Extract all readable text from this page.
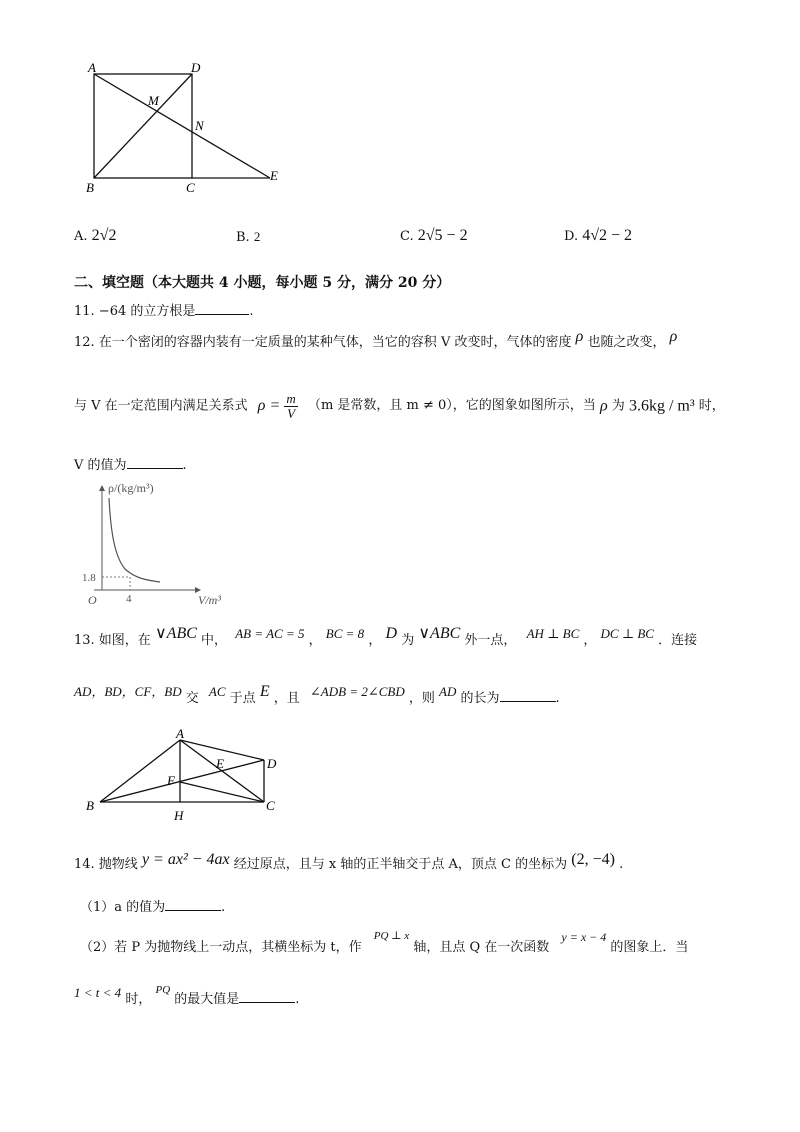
A	D
M
N
B	C
E
A. 2√2	B. 2	C. 2√5 − 2	D. 4√2 − 2
二、填空题（本大题共 4 小题，每小题 5 分，满分 20 分）
11. −64 的立方根是	.
12. 在一个密闭的容器内装有一定质量的某种气体，当它的容积 V 改变时，气体的密度 ρ 也随之改变， ρ
与 V 在一定范围内满足关系式 $\rho = \frac{m}{V} (m$ 是常数，且 m ≠ 0），它的图象如图所示，当 ρ 为 3.6kg / m³ 时，
V 的值为	.
ρ/(kg/m³)
V/m³
O
1.8
4
13. 如图，在 ∨ABC 中， AB = AC = 5 ， BC = 8 ， D 为 ∨ABC 外一点， AH ⊥ BC ， DC ⊥ BC ．连接
AD，BD，CF，BD 交 AC 于点 E ，且 ∠ADB = 2∠CBD ，则 AD 的长为	.
A
E	D
F
B
H
C
14. 抛物线 y = ax² − 4ax 经过原点，且与 x 轴的正半轴交于点 A，顶点 C 的坐标为 (2, −4) .
（1）a 的值为	.
（2）若 P 为抛物线上一动点，其横坐标为 t，作 $^{PQ \perp x}$ 轴，且点 Q 在一次函数 y = x − 4 的图象上．当
1 < t < 4 时， $^{PQ}$ 的最大值是	.
